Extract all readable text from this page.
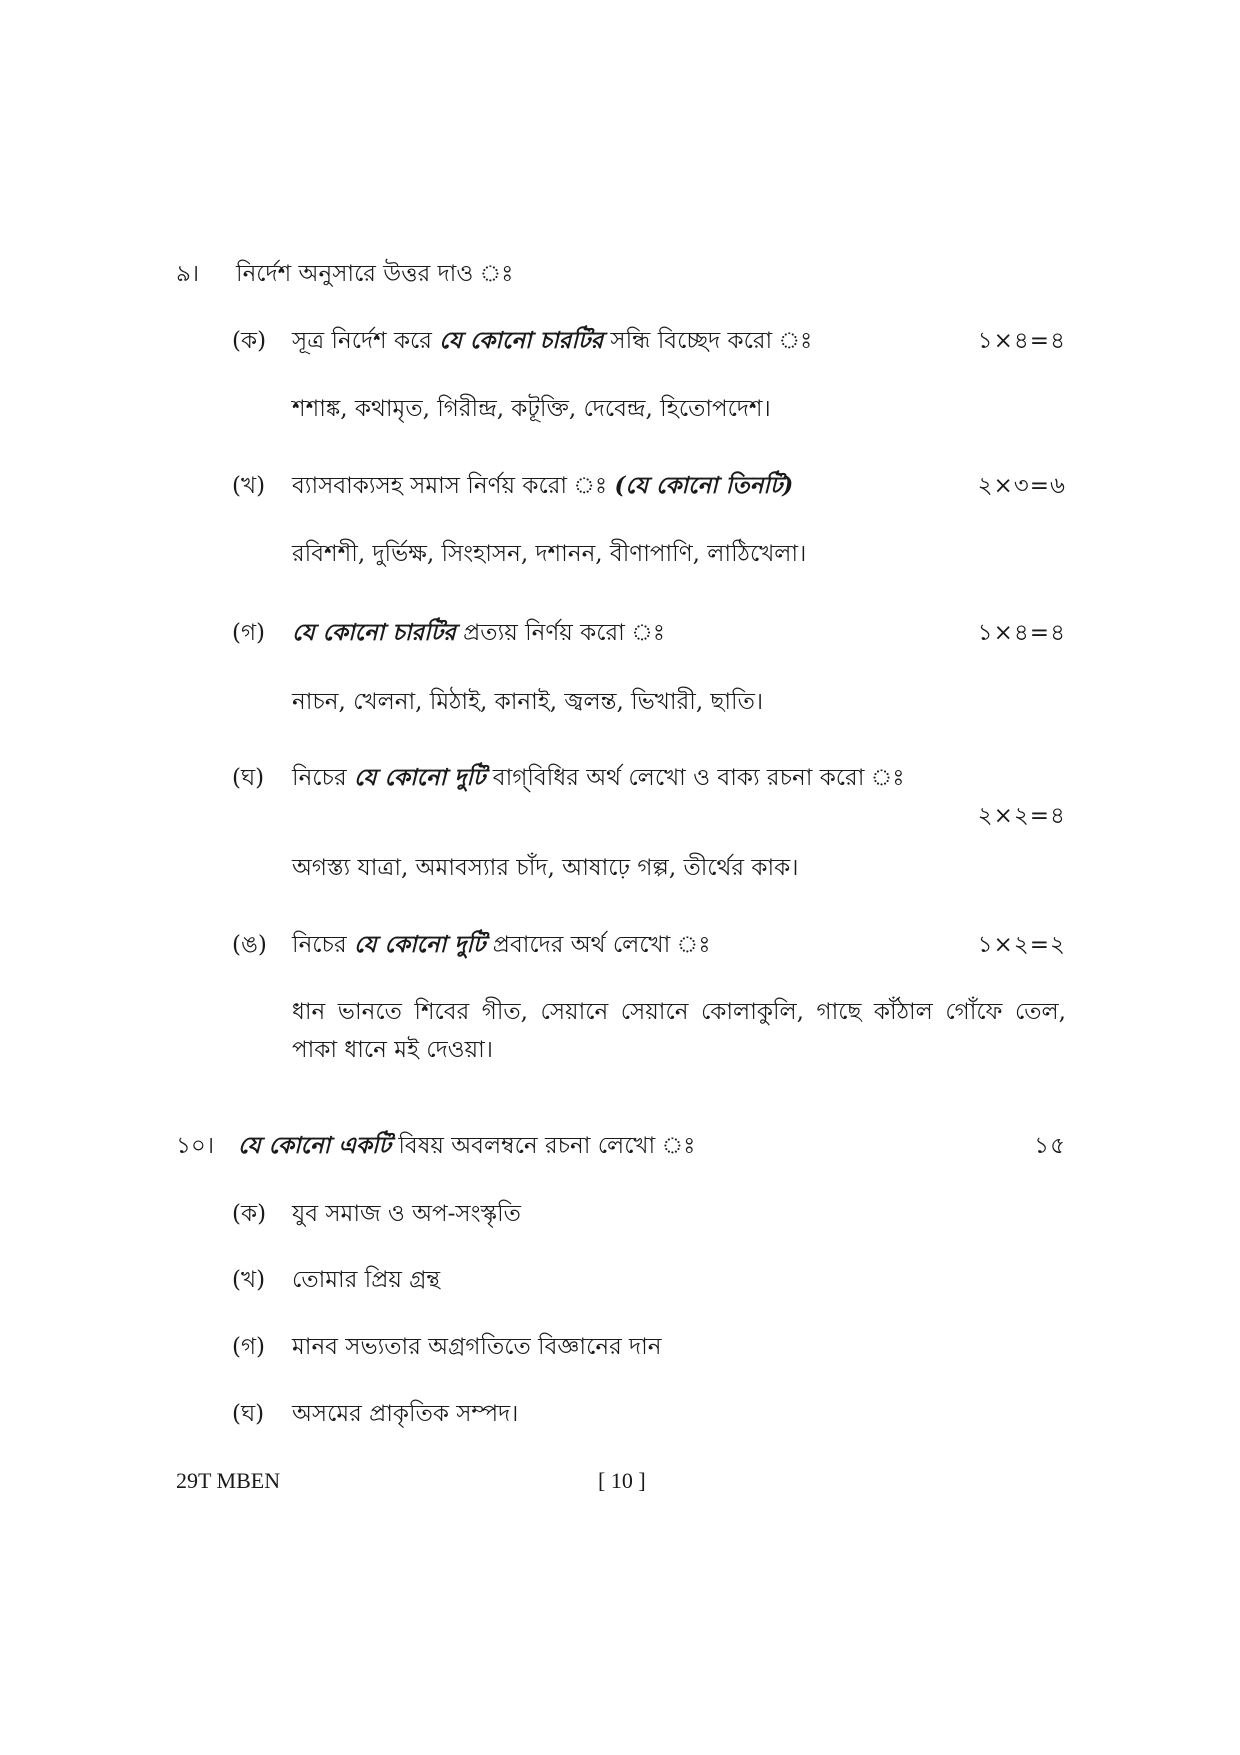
৯। নির্দেশ অনুসারে উত্তর দাও ঃ
(ক) সূত্র নির্দেশ করে যে কোনো চারটির সন্ধি বিচ্ছেদ করো ঃ	১×৪=৪
শশাঙ্ক, কথামৃত, গিরীন্দ্র, কটূক্তি, দেবেন্দ্র, হিতোপদেশ।
(খ) ব্যাসবাক্যসহ সমাস নির্ণয় করো ঃ (যে কোনো তিনটি)	২×৩=৬
রবিশশী, দুর্ভিক্ষ, সিংহাসন, দশানন, বীণাপাণি, লাঠিখেলা।
(গ) যে কোনো চারটির প্রত্যয় নির্ণয় করো ঃ	১×৪=৪
নাচন, খেলনা, মিঠাই, কানাই, জ্বলন্ত, ভিখারী, ছাতি।
(ঘ) নিচের যে কোনো দুটি বাগ্‌বিধির অর্থ লেখো ও বাক্য রচনা করো ঃ
২×২=৪
অগস্ত্য যাত্রা, অমাবস্যার চাঁদ, আষাঢ়ে গল্প, তীর্থের কাক।
(ঙ) নিচের যে কোনো দুটি প্রবাদের অর্থ লেখো ঃ	১×২=২
ধান ভানতে শিবের গীত, সেয়ানে সেয়ানে কোলাকুলি, গাছে কাঁঠাল গোঁফে তেল, পাকা ধানে মই দেওয়া।
১০। যে কোনো একটি বিষয় অবলম্বনে রচনা লেখো ঃ	১৫
(ক) যুব সমাজ ও অপ-সংস্কৃতি
(খ) তোমার প্রিয় গ্রন্থ
(গ) মানব সভ্যতার অগ্রগতিতে বিজ্ঞানের দান
(ঘ) অসমের প্রাকৃতিক সম্পদ।
29T MBEN	[ 10 ]
